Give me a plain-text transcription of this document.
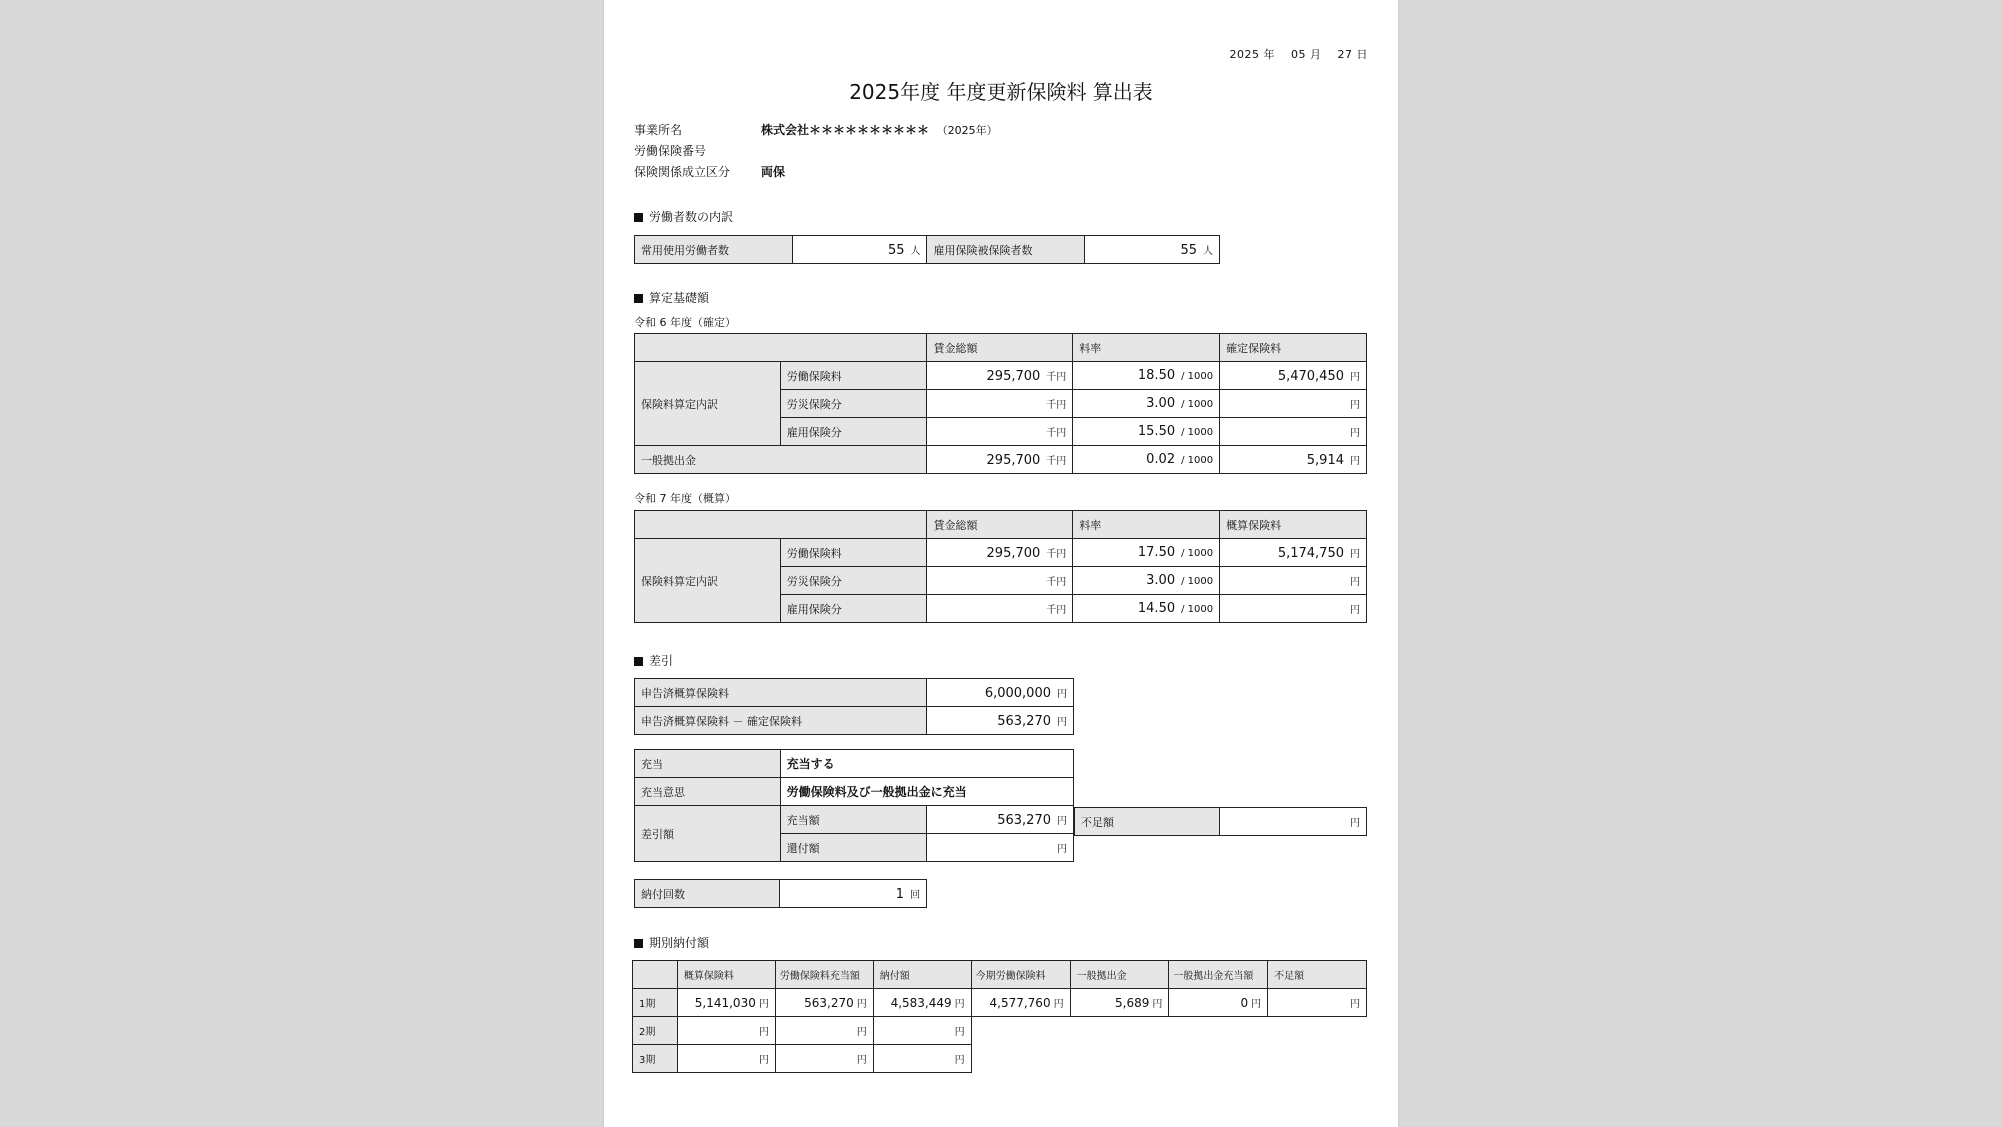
2025 年 05 月 27 日
2025年度 年度更新保険料 算出表
事業所名	株式会社＊＊＊＊＊＊＊＊＊＊ （2025年）
労働保険番号
保険関係成立区分	両保
労働者数の内訳
常用使用労働者数	55 人	雇用保険被保険者数	55 人
算定基礎額
令和 6 年度（確定）
		賃金総額	料率	確定保険料
保険料算定内訳	労働保険料	295,700 千円	18.50 / 1000	5,470,450 円
	労災保険分	千円	3.00 / 1000	円
	雇用保険分	千円	15.50 / 1000	円
一般拠出金		295,700 千円	0.02 / 1000	5,914 円
令和 7 年度（概算）
		賃金総額	料率	概算保険料
保険料算定内訳	労働保険料	295,700 千円	17.50 / 1000	5,174,750 円
	労災保険分	千円	3.00 / 1000	円
	雇用保険分	千円	14.50 / 1000	円
差引
申告済概算保険料	6,000,000 円
申告済概算保険料 － 確定保険料	563,270 円
充当	充当する	
充当意思	労働保険料及び一般拠出金に充当	
差引額	充当額	563,270 円
	還付額	円
不足額	円
納付回数	1 回
期別納付額
	概算保険料	労働保険料充当額	納付額	今期労働保険料	一般拠出金	一般拠出金充当額	不足額
1期	5,141,030 円	563,270 円	4,583,449 円	4,577,760 円	5,689 円	0 円	円
2期	円	円	円				
3期	円	円	円				
